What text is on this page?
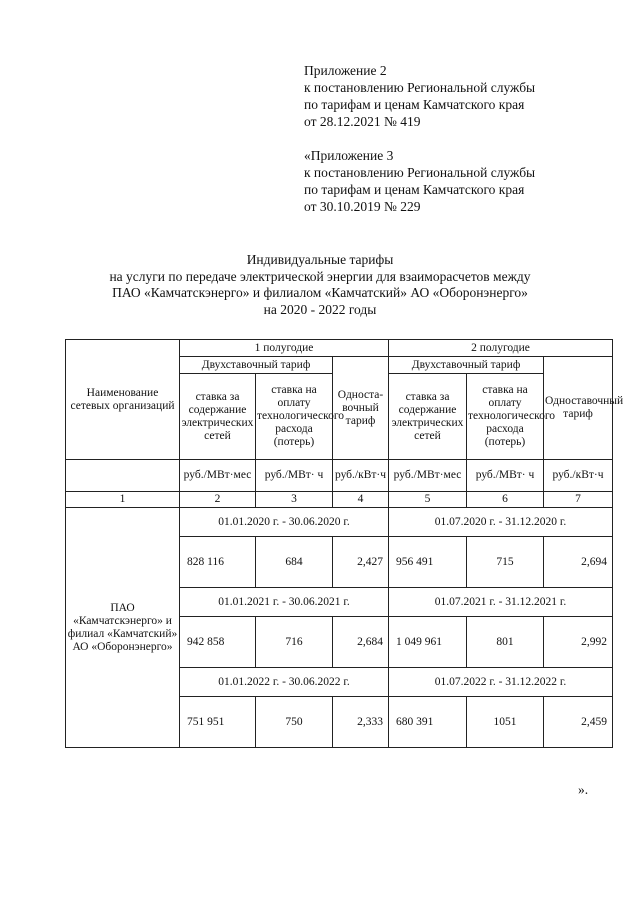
Приложение 2
к постановлению Региональной службы
по тарифам и ценам Камчатского края
от 28.12.2021 № 419
«Приложение 3
к постановлению Региональной службы
по тарифам и ценам Камчатского края
от 30.10.2019 № 229
Индивидуальные тарифы
на услуги по передаче электрической энергии для взаиморасчетов между
ПАО «Камчатскэнерго» и филиалом «Камчатский» АО «Оборонэнерго»
на 2020 - 2022 годы
Наименование сетевых организаций	1 полугодие			2 полугодие		
	Двухставочный тариф		Односта-вочный тариф	Двухставочный тариф		Одноставочный тариф
	ставка за содержание электрических сетей	ставка на оплату технологического расхода (потерь)		ставка за содержание электрических сетей	ставка на оплату технологического расхода (потерь)	
	руб./МВт·мес	руб./МВт· ч	руб./кВт·ч	руб./МВт·мес	руб./МВт· ч	руб./кВт·ч
1	2	3	4	5	6	7
ПАО «Камчатскэнерго» и филиал «Камчатский» АО «Оборонэнерго»	01.01.2020 г. - 30.06.2020 г.			01.07.2020 г. - 31.12.2020 г.		
	828 116	684	2,427	956 491	715	2,694
	01.01.2021 г. - 30.06.2021 г.			01.07.2021 г. - 31.12.2021 г.		
	942 858	716	2,684	1 049 961	801	2,992
	01.01.2022 г. - 30.06.2022 г.			01.07.2022 г. - 31.12.2022 г.		
	751 951	750	2,333	680 391	1051	2,459
».
